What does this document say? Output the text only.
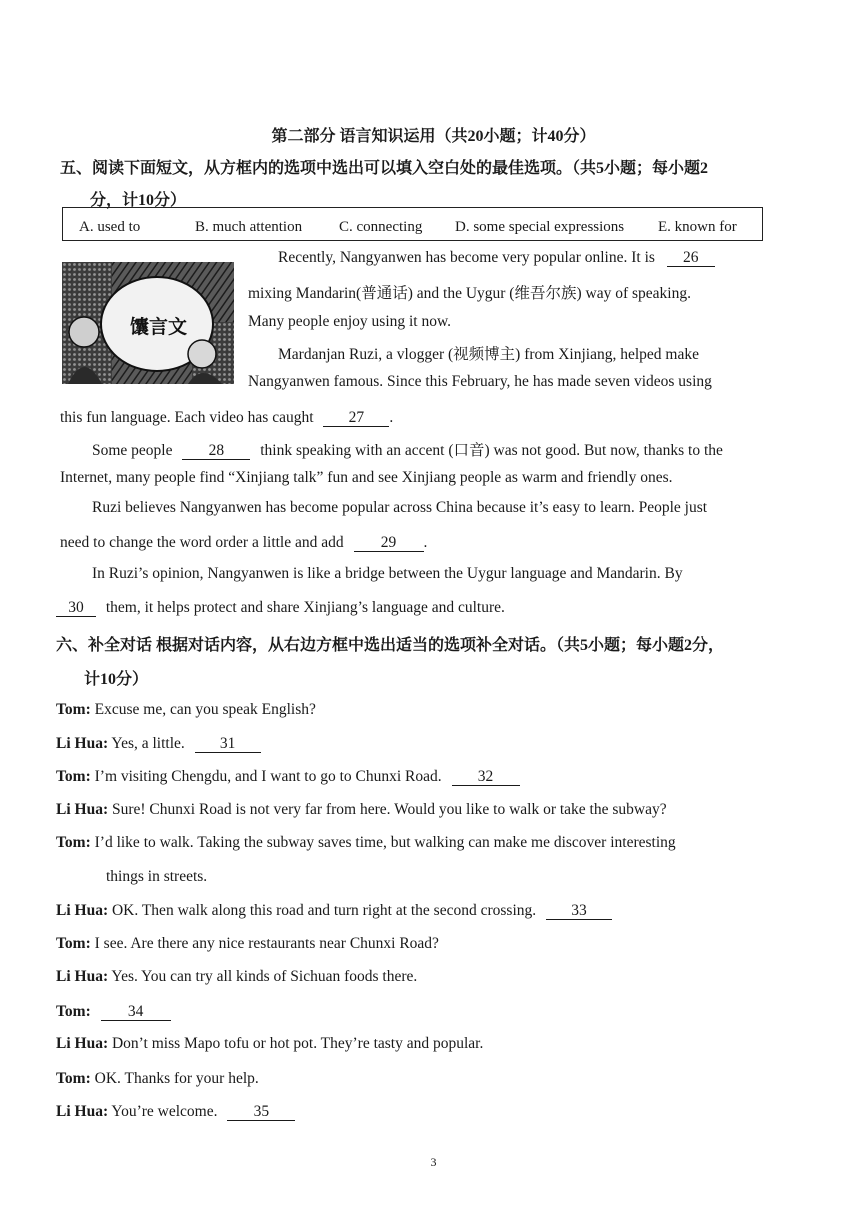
第二部分 语言知识运用（共20小题；计40分）
五、阅读下面短文，从方框内的选项中选出可以填入空白处的最佳选项。（共5小题；每小题2
分，计10分）
A. used to	B. much attention C. connecting D. some special expressions E. known for
馕言文
Recently, Nangyanwen has become very popular online. It is 26
mixing Mandarin(普通话) and the Uygur (维吾尔族) way of speaking.
Many people enjoy using it now.
Mardanjan Ruzi, a vlogger (视频博主) from Xinjiang, helped make
Nangyanwen famous. Since this February, he has made seven videos using
this fun language. Each video has caught 27 .
Some people 28 think speaking with an accent (口音) was not good. But now, thanks to the
Internet, many people find “Xinjiang talk” fun and see Xinjiang people as warm and friendly ones.
Ruzi believes Nangyanwen has become popular across China because it’s easy to learn. People just
need to change the word order a little and add 29 .
In Ruzi’s opinion, Nangyanwen is like a bridge between the Uygur language and Mandarin. By
30 them, it helps protect and share Xinjiang’s language and culture.
六、补全对话 根据对话内容，从右边方框中选出适当的选项补全对话。（共5小题；每小题2分，
计10分）
Tom: Excuse me, can you speak English?
Li Hua: Yes, a little. 31
Tom: I’m visiting Chengdu, and I want to go to Chunxi Road. 32
Li Hua: Sure! Chunxi Road is not very far from here. Would you like to walk or take the subway?
Tom: I’d like to walk. Taking the subway saves time, but walking can make me discover interesting
things in streets.
Li Hua: OK. Then walk along this road and turn right at the second crossing. 33
Tom: I see. Are there any nice restaurants near Chunxi Road?
Li Hua: Yes. You can try all kinds of Sichuan foods there.
Tom: 34
Li Hua: Don’t miss Mapo tofu or hot pot. They’re tasty and popular.
Tom: OK. Thanks for your help.
Li Hua: You’re welcome. 35
3
